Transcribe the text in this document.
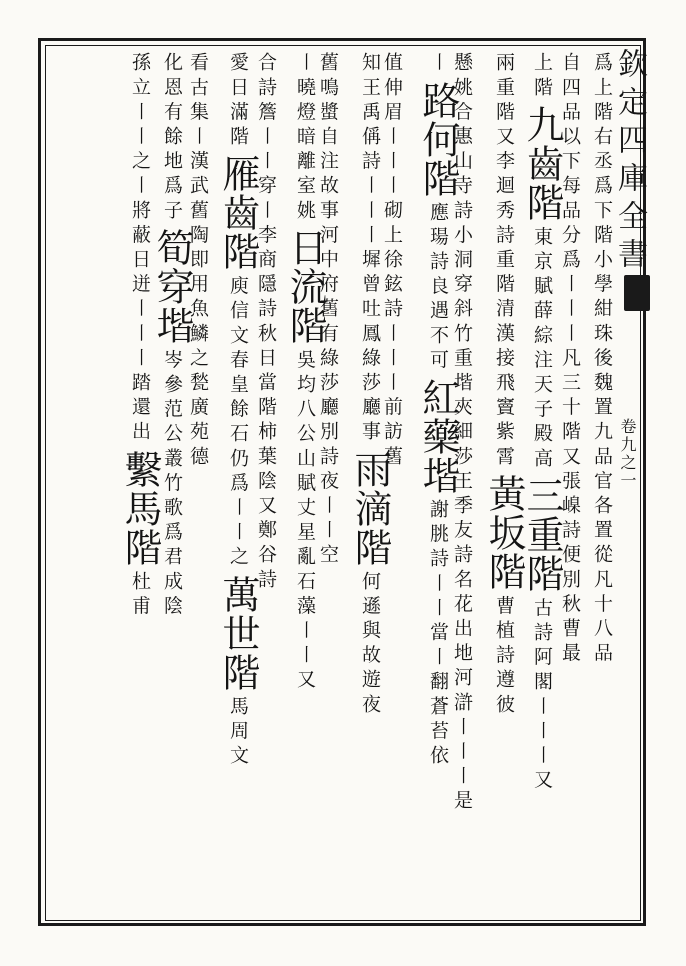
欽定四庫全書
卷九之一
爲上階右丞爲下階小學紺珠後魏置九品官各置從凡十八品
自四品以下每品分爲〡〡〡凡三十階又張嵲詩便別秋曹最
上階九齒階東京賦薛綜注天子殿高三重階古詩阿閣〡〡〡又
兩重階又李迴秀詩重階清漢接飛竇紫霄黃坂階曹植詩遵彼
懸姚合惠山寺詩小洞穿斜竹重堦夾細莎王季友詩名花出地河滸〡〡〡是
〡路何階應瑒詩良遇不可紅藥堦謝朓詩〡〡當〡翻蒼苔依
值伸眉〡〡〡砌上徐鉉詩〡〡〡前訪舊
知王禹偁詩〡〡〡墀曾吐鳳綠莎廳事雨滴階何遜與故遊夜
舊鳴螿自注故事河中府舊有綠莎廳別詩夜〡〡空
〡曉燈暗離室姚日流階吳均八公山賦丈星亂石藻〡〡又
合詩簷〡〡穿〡李商隱詩秋日當階柿葉陰又鄭谷詩
愛日滿階雁齒階庾信文春皇餘石仍爲〡〡之萬世階馬周文
看古集〡漢武舊陶即用魚鱗之甃廣苑德
化恩有餘地爲子筍穿堦岑參范公叢竹歌爲君成陰
孫立〡〡之〡將蔽日迸〡〡〡踏還出繫馬階杜甫
